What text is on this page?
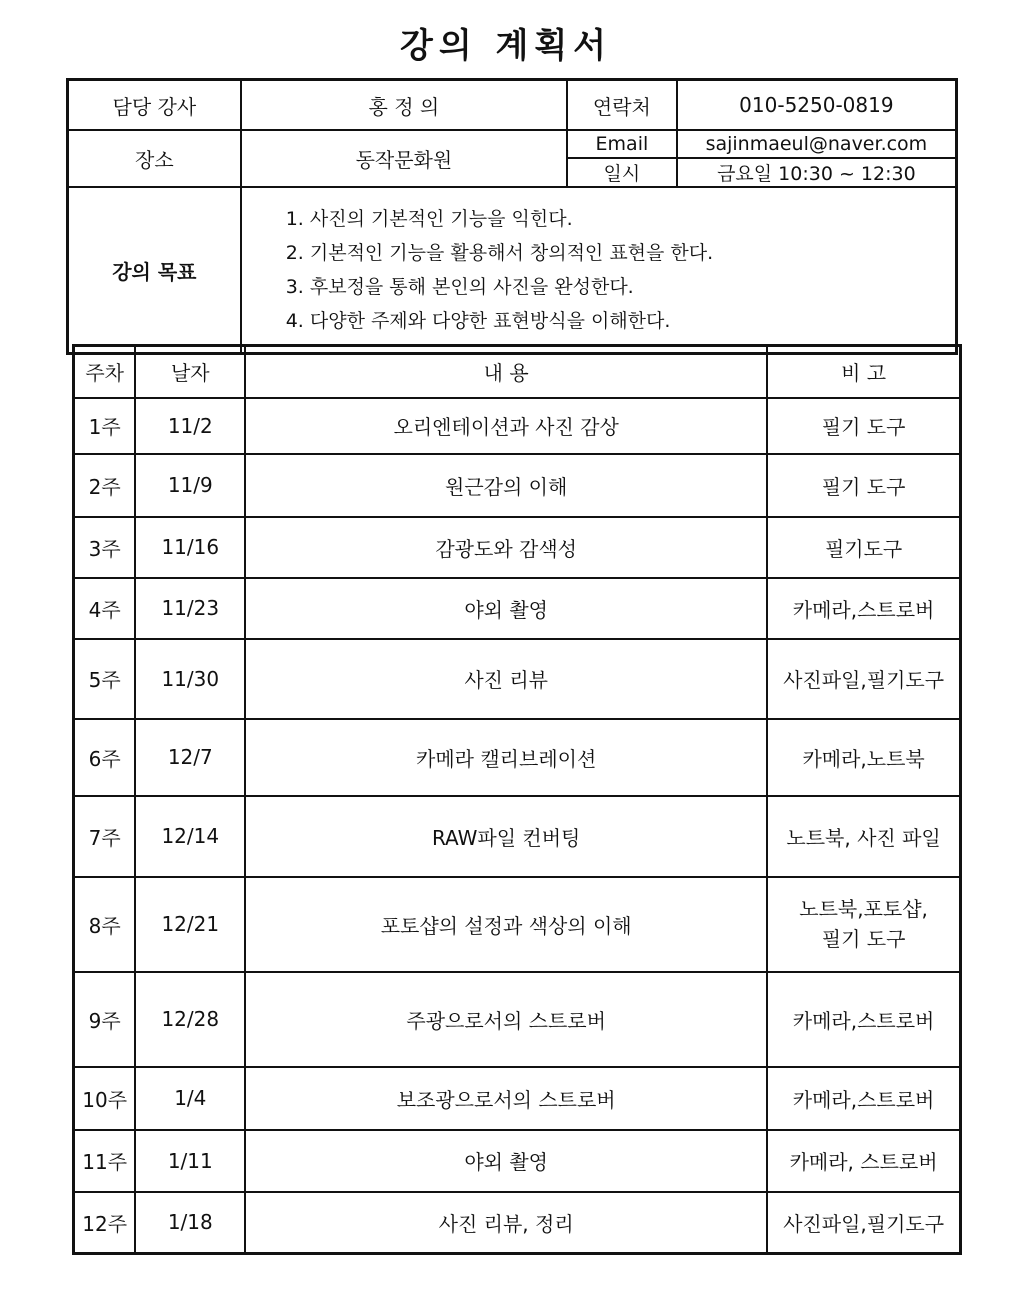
강의 계획서
담당 강사	홍 정 의	연락처	010-5250-0819
장소	동작문화원	Email	sajinmaeul@naver.com
		일시	금요일 10:30 ~ 12:30
강의 목표	1. 사진의 기본적인 기능을 익힌다.
2. 기본적인 기능을 활용해서 창의적인 표현을 한다.
3. 후보정을 통해 본인의 사진을 완성한다.
4. 다양한 주제와 다양한 표현방식을 이해한다.		
주차	날자	내 용	비 고
1주	11/2	오리엔테이션과 사진 감상	필기 도구
2주	11/9	원근감의 이해	필기 도구
3주	11/16	감광도와 감색성	필기도구
4주	11/23	야외 촬영	카메라,스트로버
5주	11/30	사진 리뷰	사진파일,필기도구
6주	12/7	카메라 캘리브레이션	카메라,노트북
7주	12/14	RAW파일 컨버팅	노트북, 사진 파일
8주	12/21	포토샵의 설정과 색상의 이해	노트북,포토샵,
필기 도구
9주	12/28	주광으로서의 스트로버	카메라,스트로버
10주	1/4	보조광으로서의 스트로버	카메라,스트로버
11주	1/11	야외 촬영	카메라, 스트로버
12주	1/18	사진 리뷰, 정리	사진파일,필기도구
